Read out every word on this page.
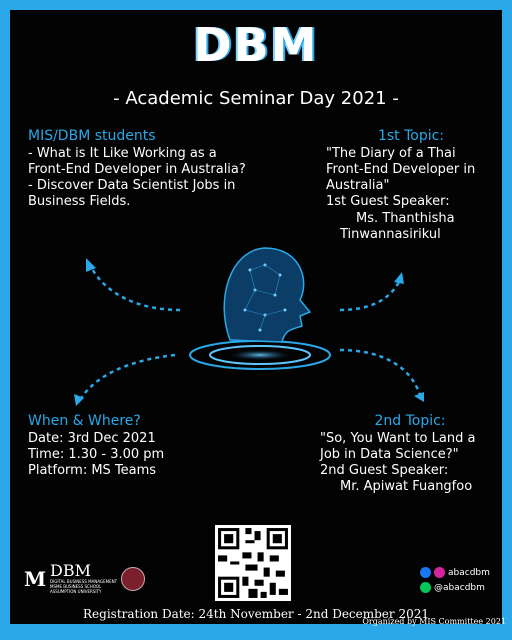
DBM
- Academic Seminar Day 2021 -
MIS/DBM students
- What is It Like Working as a
Front-End Developer in Australia?
- Discover Data Scientist Jobs in
Business Fields.
1st Topic:
"The Diary of a Thai
Front-End Developer in
Australia"
1st Guest Speaker:
Ms. Thanthisha
Tinwannasirikul
When & Where?
Date: 3rd Dec 2021
Time: 1.30 - 3.00 pm
Platform: MS Teams
2nd Topic:
"So, You Want to Land a
Job in Data Science?"
2nd Guest Speaker:
Mr. Apiwat Fuangfoo
M DBM
DIGITAL BUSINESS MANAGEMENT
MSME BUSINESS SCHOOL
ASSUMPTION UNIVERSITY
abacdbm
@abacdbm
Registration Date: 24th November - 2nd December 2021
Organized by MIS Committee 2021
